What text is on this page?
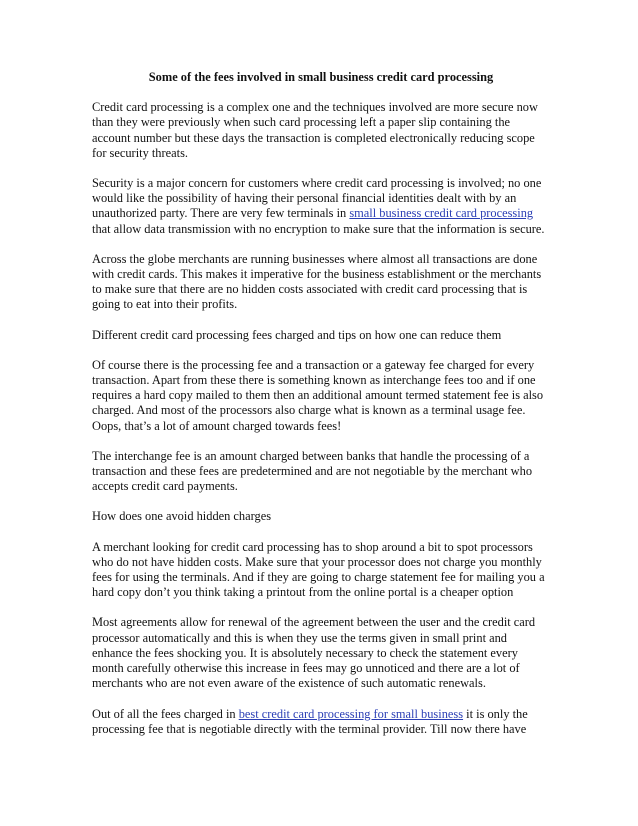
Some of the fees involved in small business credit card processing

Credit card processing is a complex one and the techniques involved are more secure now than they were previously when such card processing left a paper slip containing the account number but these days the transaction is completed electronically reducing scope for security threats.

Security is a major concern for customers where credit card processing is involved; no one would like the possibility of having their personal financial identities dealt with by an unauthorized party. There are very few terminals in small business credit card processing that allow data transmission with no encryption to make sure that the information is secure.

Across the globe merchants are running businesses where almost all transactions are done with credit cards. This makes it imperative for the business establishment or the merchants to make sure that there are no hidden costs associated with credit card processing that is going to eat into their profits.

Different credit card processing fees charged and tips on how one can reduce them

Of course there is the processing fee and a transaction or a gateway fee charged for every transaction. Apart from these there is something known as interchange fees too and if one requires a hard copy mailed to them then an additional amount termed statement fee is also charged. And most of the processors also charge what is known as a terminal usage fee. Oops, that’s a lot of amount charged towards fees!

The interchange fee is an amount charged between banks that handle the processing of a transaction and these fees are predetermined and are not negotiable by the merchant who accepts credit card payments.

How does one avoid hidden charges

A merchant looking for credit card processing has to shop around a bit to spot processors who do not have hidden costs. Make sure that your processor does not charge you monthly fees for using the terminals. And if they are going to charge statement fee for mailing you a hard copy don’t you think taking a printout from the online portal is a cheaper option

Most agreements allow for renewal of the agreement between the user and the credit card processor automatically and this is when they use the terms given in small print and enhance the fees shocking you. It is absolutely necessary to check the statement every month carefully otherwise this increase in fees may go unnoticed and there are a lot of merchants who are not even aware of the existence of such automatic renewals.

Out of all the fees charged in best credit card processing for small business it is only the processing fee that is negotiable directly with the terminal provider. Till now there have
